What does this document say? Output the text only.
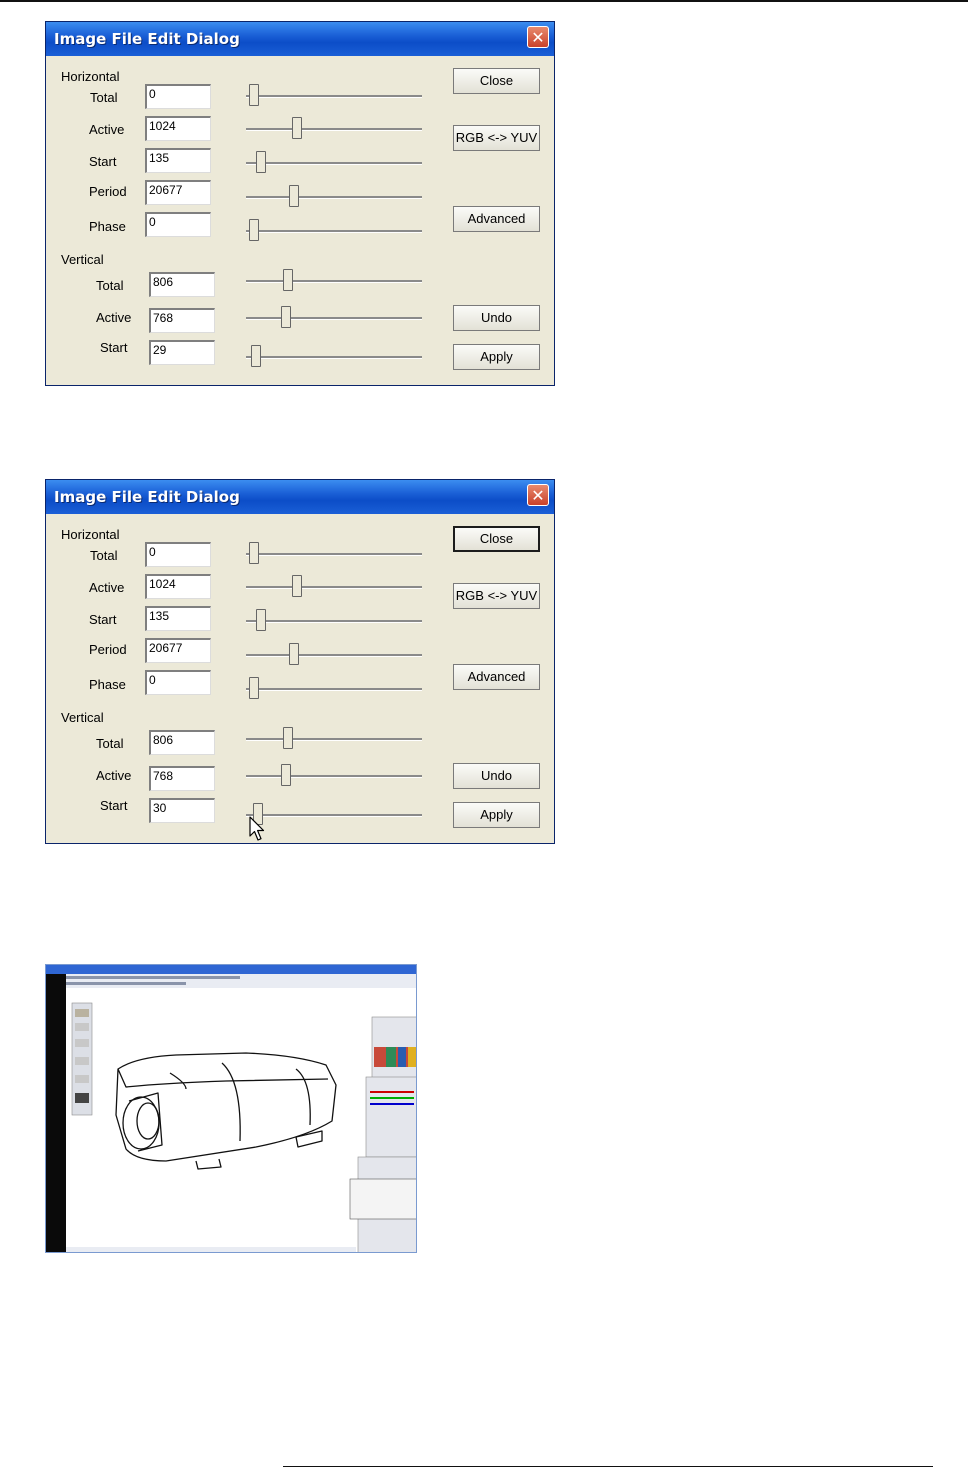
Image File Edit Dialog	✕
Horizontal
Vertical
Total	0
Active	1024
Start	135
Period	20677
Phase	0
Total	806
Active	768
Start	29
Close
RGB <-> YUV
Advanced
Undo
Apply
Image File Edit Dialog	✕
Horizontal
Vertical
Total	0
Active	1024
Start	135
Period	20677
Phase	0
Total	806
Active	768
Start	30
Close
RGB <-> YUV
Advanced
Undo
Apply
